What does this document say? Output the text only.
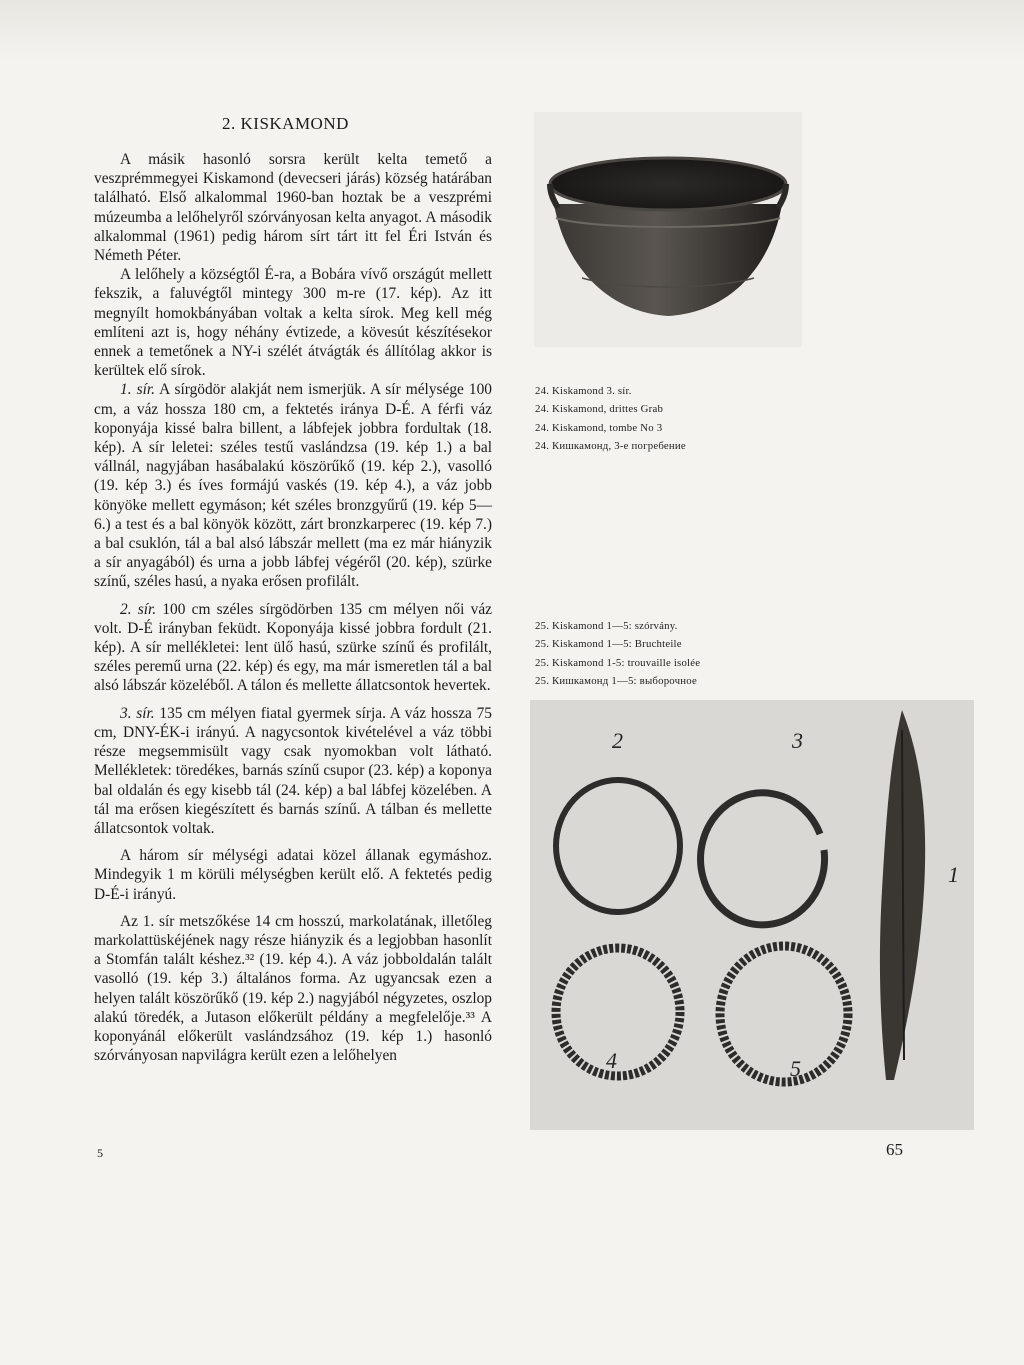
2. KISKAMOND

A másik hasonló sorsra került kelta temető a veszprémmegyei Kiskamond (devecseri járás) község határában található. Első alkalommal 1960-ban hoztak be a veszprémi múzeumba a lelőhelyről szórványosan kelta anyagot. A második alkalommal (1961) pedig három sírt tárt itt fel Éri István és Németh Péter.

A lelőhely a községtől É-ra, a Bobára vívő országút mellett fekszik, a faluvégtől mintegy 300 m-re (17. kép). Az itt megnyílt homokbányában voltak a kelta sírok. Meg kell még említeni azt is, hogy néhány évtizede, a kövesút készítésekor ennek a temetőnek a NY-i szélét átvágták és állítólag akkor is kerültek elő sírok.

1. sír. A sírgödör alakját nem ismerjük. A sír mélysége 100 cm, a váz hossza 180 cm, a fektetés iránya D-É. A férfi váz koponyája kissé balra billent, a lábfejek jobbra fordultak (18. kép). A sír leletei: széles testű vaslándzsa (19. kép 1.) a bal vállnál, nagyjában hasábalakú köszörűkő (19. kép 2.), vasolló (19. kép 3.) és íves formájú vaskés (19. kép 4.), a váz jobb könyöke mellett egymáson; két széles bronzgyűrű (19. kép 5—6.) a test és a bal könyök között, zárt bronzkarperec (19. kép 7.) a bal csuklón, tál a bal alsó lábszár mellett (ma ez már hiányzik a sír anyagából) és urna a jobb lábfej végéről (20. kép), szürke színű, széles hasú, a nyaka erősen profilált.

2. sír. 100 cm széles sírgödörben 135 cm mélyen női váz volt. D-É irányban feküdt. Koponyája kissé jobbra fordult (21. kép). A sír mellékletei: lent ülő hasú, szürke színű és profilált, széles peremű urna (22. kép) és egy, ma már ismeretlen tál a bal alsó lábszár közeléből. A tálon és mellette állatcsontok hevertek.

3. sír. 135 cm mélyen fiatal gyermek sírja. A váz hossza 75 cm, DNY-ÉK-i irányú. A nagycsontok kivételével a váz többi része megsemmisült vagy csak nyomokban volt látható. Mellékletek: töredékes, barnás színű csupor (23. kép) a koponya bal oldalán és egy kisebb tál (24. kép) a bal lábfej közelében. A tál ma erősen kiegészített és barnás színű. A tálban és mellette állatcsontok voltak.

A három sír mélységi adatai közel állanak egymáshoz. Mindegyik 1 m körüli mélységben került elő. A fektetés pedig D-É-i irányú.

Az 1. sír metszőkése 14 cm hosszú, markolatának, illetőleg markolattüskéjének nagy része hiányzik és a legjobban hasonlít a Stomfán talált késhez.³² (19. kép 4.). A váz jobboldalán talált vasolló (19. kép 3.) általános forma. Az ugyancsak ezen a helyen talált köszörűkő (19. kép 2.) nagyjából négyzetes, oszlop alakú töredék, a Jutason előkerült példány a megfelelője.³³ A koponyánál előkerült vaslándzsához (19. kép 1.) hasonló szórványosan napvilágra került ezen a lelőhelyen

24. Kiskamond 3. sír.
24. Kiskamond, drittes Grab
24. Kiskamond, tombe No 3
24. Кишкамонд, 3-е погребение
25. Kiskamond 1—5: szórvány.
25. Kiskamond 1—5: Bruchteile
25. Kiskamond 1-5: trouvaille isolée
25. Кишкамонд 1—5: выборочное
2	3
1
4	5
5	65
